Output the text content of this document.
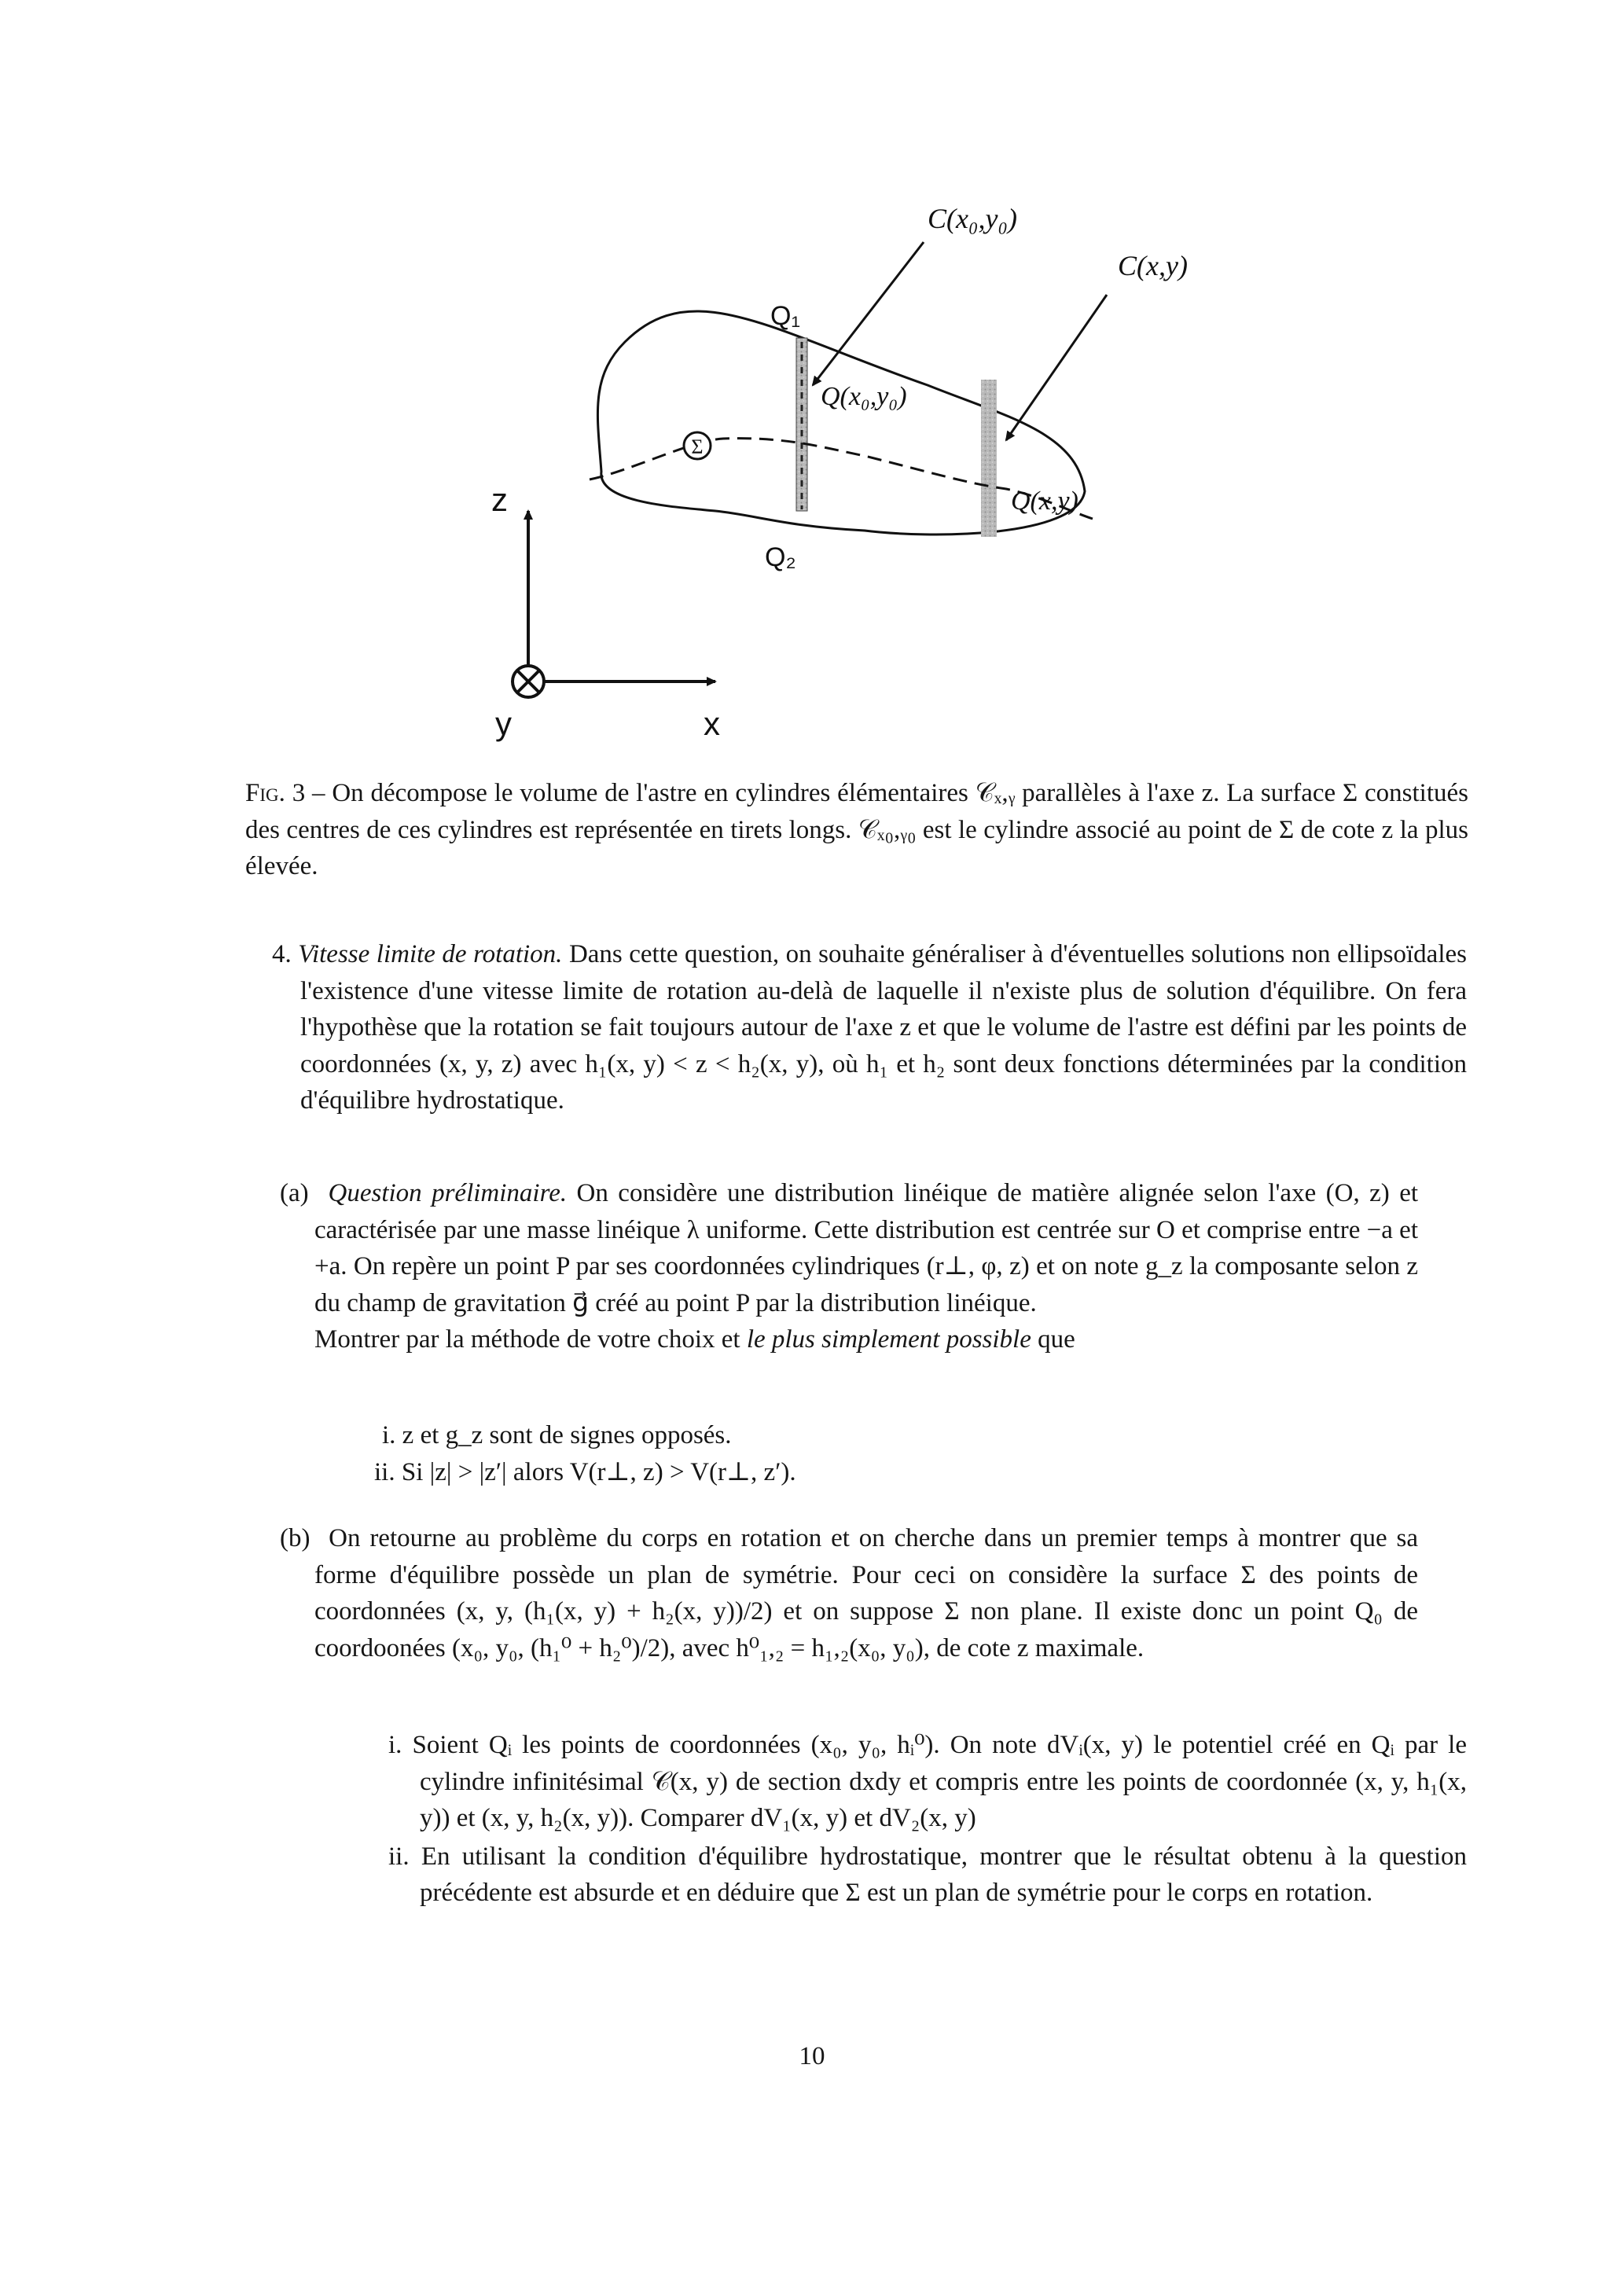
Σ
C(x₀,y₀)
C(x,y)
Q₁
Q₂
Q(x₀,y₀)
Q(x,y)
z
x
y
Fig. 3 – On décompose le volume de l'astre en cylindres élémentaires 𝒞ₓ,ᵧ parallèles à l'axe z. La surface Σ constitués des centres de ces cylindres est représentée en tirets longs. 𝒞ₓ₀,ᵧ₀ est le cylindre associé au point de Σ de cote z la plus élevée.
4. Vitesse limite de rotation. Dans cette question, on souhaite généraliser à d'éventuelles solutions non ellipsoïdales l'existence d'une vitesse limite de rotation au-delà de laquelle il n'existe plus de solution d'équilibre. On fera l'hypothèse que la rotation se fait toujours autour de l'axe z et que le volume de l'astre est défini par les points de coordonnées (x, y, z) avec h₁(x, y) < z < h₂(x, y), où h₁ et h₂ sont deux fonctions déterminées par la condition d'équilibre hydrostatique.

(a) Question préliminaire. On considère une distribution linéique de matière alignée selon l'axe (O, z) et caractérisée par une masse linéique λ uniforme. Cette distribution est centrée sur O et comprise entre −a et +a. On repère un point P par ses coordonnées cylindriques (r⊥, φ, z) et on note g_z la composante selon z du champ de gravitation g⃗ créé au point P par la distribution linéique.

Montrer par la méthode de votre choix et le plus simplement possible que

i. z et g_z sont de signes opposés.

ii. Si |z| > |z′| alors V(r⊥, z) > V(r⊥, z′).

(b) On retourne au problème du corps en rotation et on cherche dans un premier temps à montrer que sa forme d'équilibre possède un plan de symétrie. Pour ceci on considère la surface Σ des points de coordonnées (x, y, (h₁(x, y) + h₂(x, y))/2) et on suppose Σ non plane. Il existe donc un point Q₀ de coordoonées (x₀, y₀, (h₁⁰ + h₂⁰)/2), avec h⁰₁,₂ = h₁,₂(x₀, y₀), de cote z maximale.

i. Soient Qᵢ les points de coordonnées (x₀, y₀, hᵢ⁰). On note dVᵢ(x, y) le potentiel créé en Qᵢ par le cylindre infinitésimal 𝒞(x, y) de section dxdy et compris entre les points de coordonnée (x, y, h₁(x, y)) et (x, y, h₂(x, y)). Comparer dV₁(x, y) et dV₂(x, y)

ii. En utilisant la condition d'équilibre hydrostatique, montrer que le résultat obtenu à la question précédente est absurde et en déduire que Σ est un plan de symétrie pour le corps en rotation.

10
